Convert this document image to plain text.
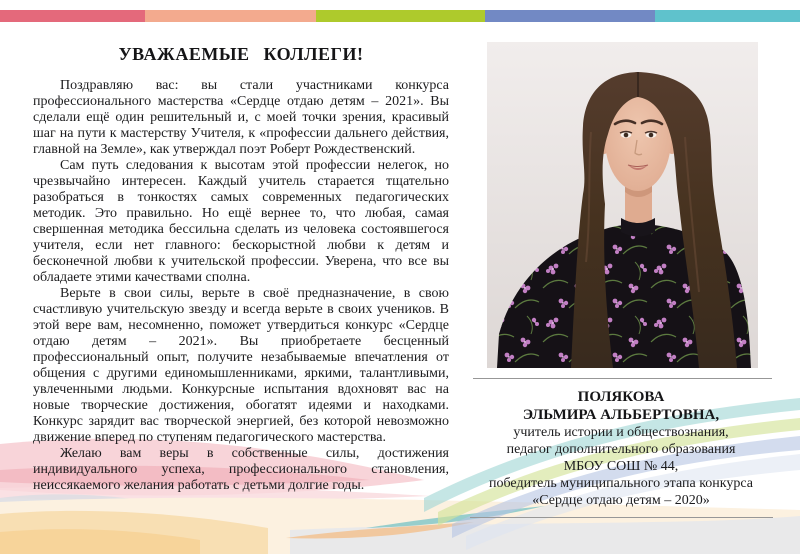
УВАЖАЕМЫЕ КОЛЛЕГИ!

Поздравляю вас: вы стали участниками конкурса профессионального мастерства «Сердце отдаю детям – 2021». Вы сделали ещё один решительный и, с моей точки зрения, красивый шаг на пути к мастерству Учителя, к «профессии дальнего действия, главной на Земле», как утверждал поэт Роберт Рождественский.

Сам путь следования к высотам этой профессии нелегок, но чрезвычайно интересен. Каждый учитель старается тщательно разобраться в тонкостях самых современных педагогических методик. Это правильно. Но ещё вернее то, что любая, самая свершенная методика бессильна сделать из человека состоявшегося учителя, если нет главного: бескорыстной любви к детям и бесконечной любви к учительской профессии. Уверена, что все вы обладаете этими качествами сполна.

Верьте в свои силы, верьте в своё предназначение, в свою счастливую учительскую звезду и всегда верьте в своих учеников. В этой вере вам, несомненно, поможет утвердиться конкурс «Сердце отдаю детям – 2021». Вы приобретаете бесценный профессиональный опыт, получите незабываемые впечатления от общения с другими единомышленниками, яркими, талантливыми, увлеченными людьми. Конкурсные испытания вдохновят вас на новые творческие достижения, обогатят идеями и находками. Конкурс зарядит вас творческой энергией, без которой невозможно движение вперед по ступеням педагогического мастерства.

Желаю вам веры в собственные силы, достижения индивидуального успеха, профессионального становления, неиссякаемого желания работать с детьми долгие годы.

ПОЛЯКОВА
ЭЛЬМИРА АЛЬБЕРТОВНА,
учитель истории и обществознания,
педагог дополнительного образования
МБОУ СОШ № 44,
победитель муниципального этапа конкурса
«Сердце отдаю детям – 2020»
